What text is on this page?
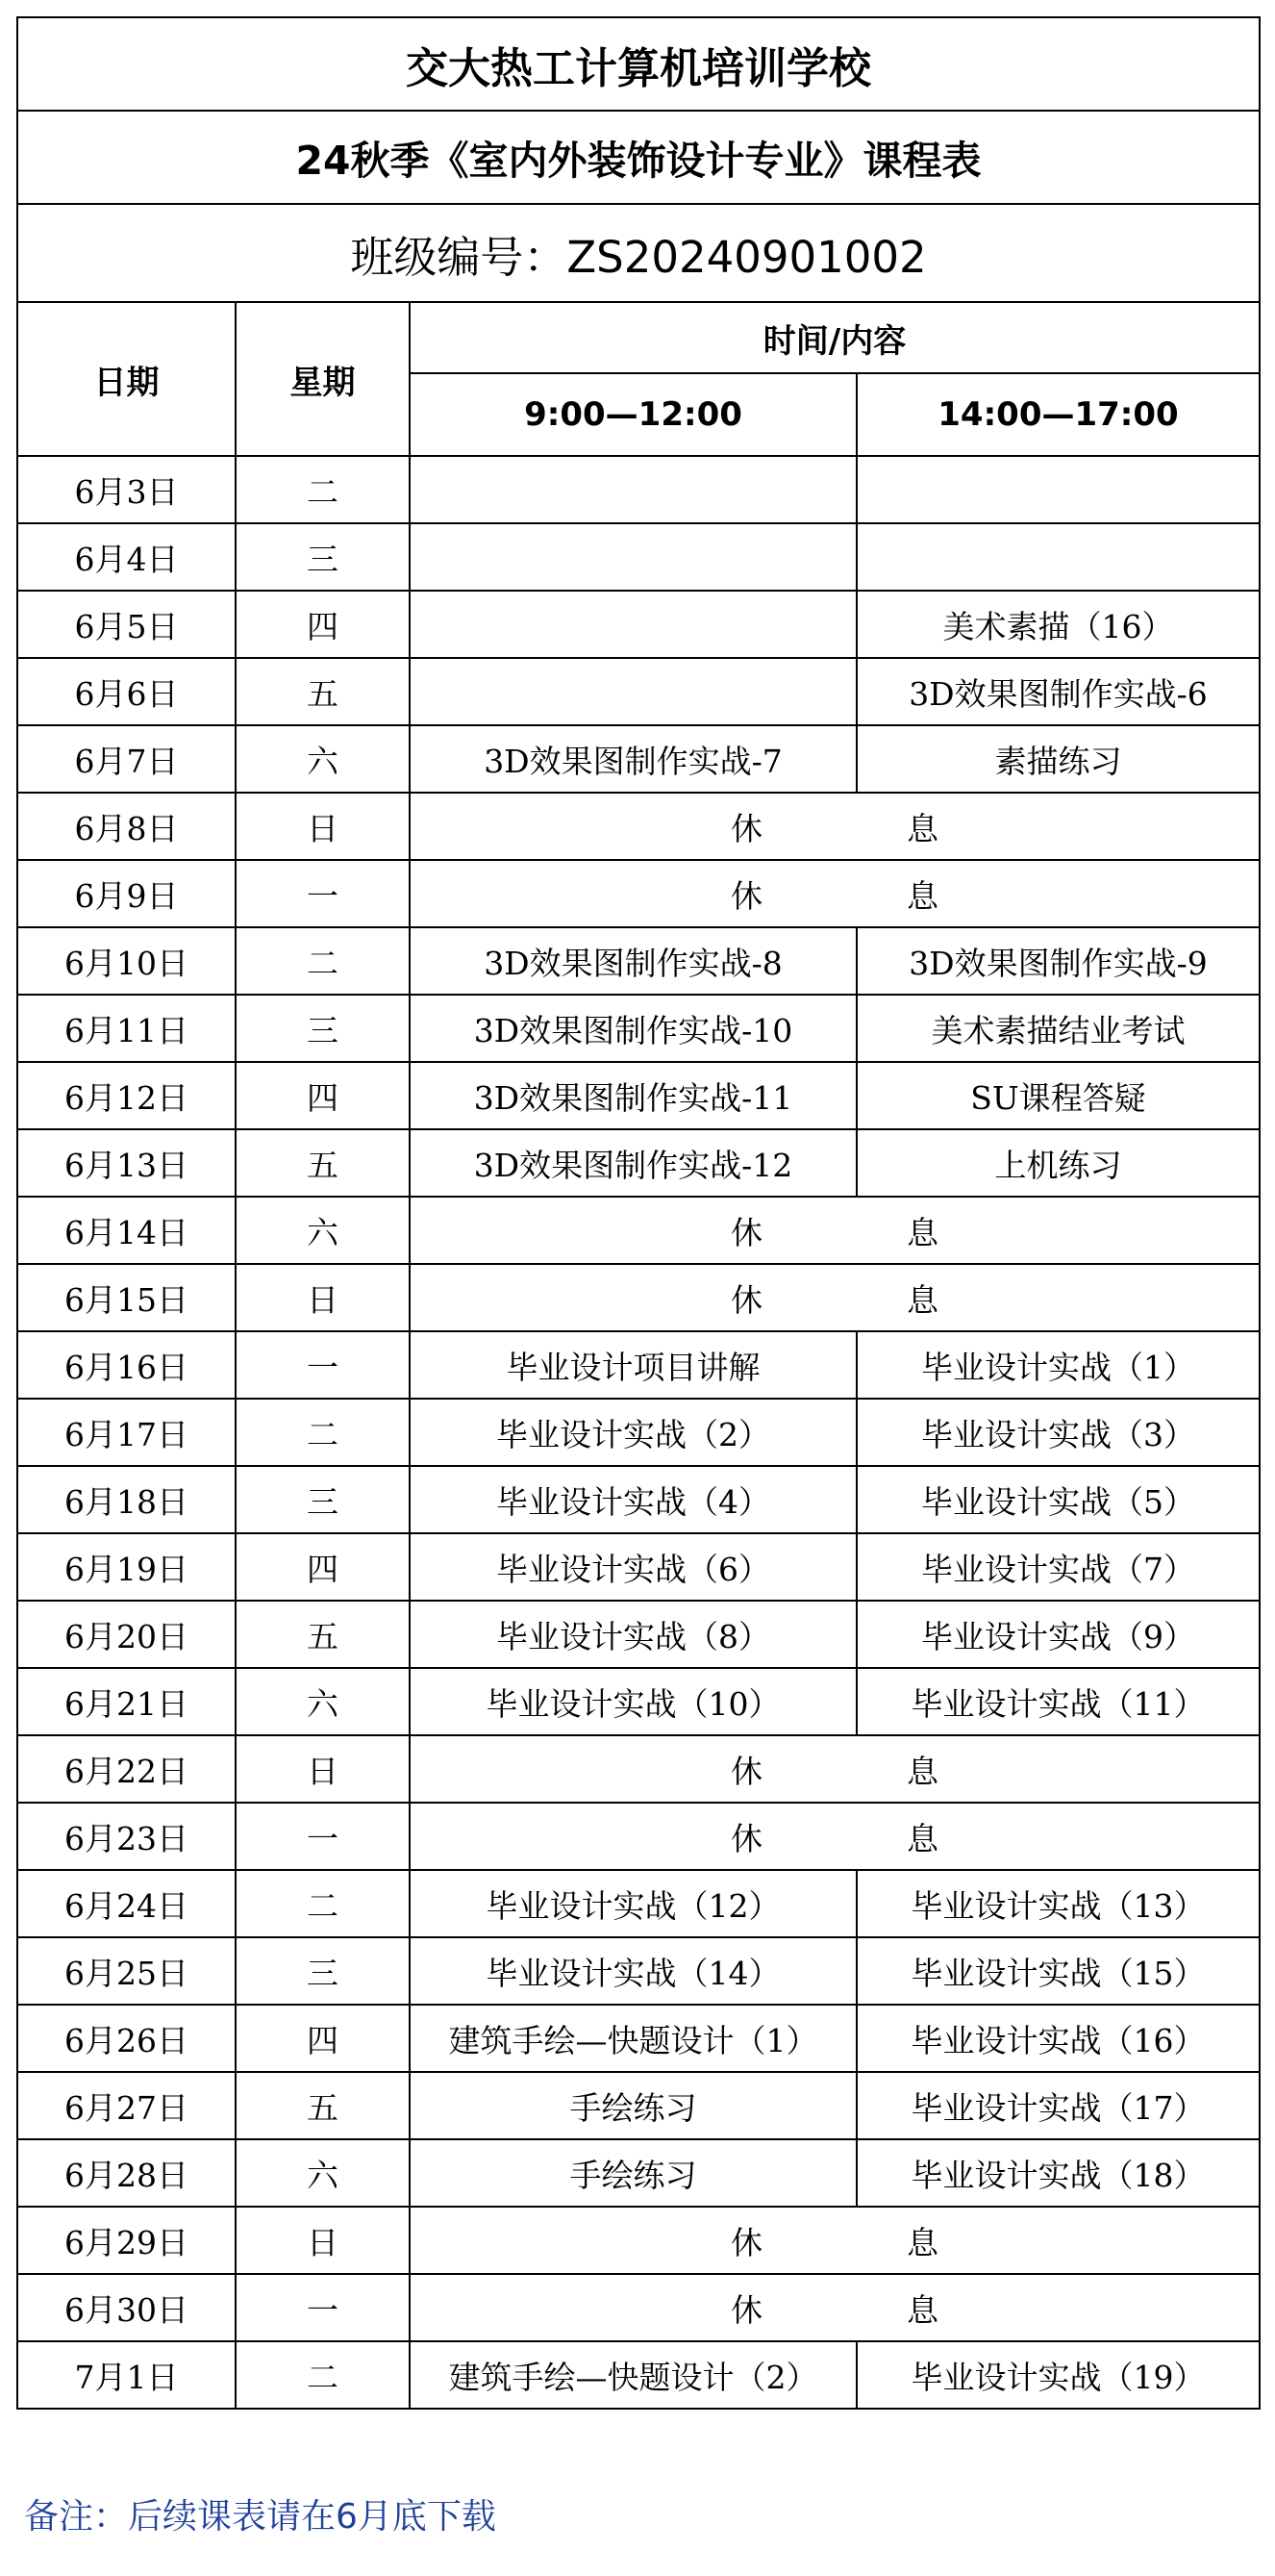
交大热工计算机培训学校			
24秋季《室内外装饰设计专业》课程表			
班级编号：ZS20240901002			
日期	星期	时间/内容	
		9:00—12:00	14:00—17:00
6月3日	二		
6月4日	三		
6月5日	四		美术素描（16）
6月6日	五		3D效果图制作实战-6
6月7日	六	3D效果图制作实战-7	素描练习
6月8日	日	休 息	
6月9日	一	休 息	
6月10日	二	3D效果图制作实战-8	3D效果图制作实战-9
6月11日	三	3D效果图制作实战-10	美术素描结业考试
6月12日	四	3D效果图制作实战-11	SU课程答疑
6月13日	五	3D效果图制作实战-12	上机练习
6月14日	六	休 息	
6月15日	日	休 息	
6月16日	一	毕业设计项目讲解	毕业设计实战（1）
6月17日	二	毕业设计实战（2）	毕业设计实战（3）
6月18日	三	毕业设计实战（4）	毕业设计实战（5）
6月19日	四	毕业设计实战（6）	毕业设计实战（7）
6月20日	五	毕业设计实战（8）	毕业设计实战（9）
6月21日	六	毕业设计实战（10）	毕业设计实战（11）
6月22日	日	休 息	
6月23日	一	休 息	
6月24日	二	毕业设计实战（12）	毕业设计实战（13）
6月25日	三	毕业设计实战（14）	毕业设计实战（15）
6月26日	四	建筑手绘—快题设计（1）	毕业设计实战（16）
6月27日	五	手绘练习	毕业设计实战（17）
6月28日	六	手绘练习	毕业设计实战（18）
6月29日	日	休 息	
6月30日	一	休 息	
7月1日	二	建筑手绘—快题设计（2）	毕业设计实战（19）
备注：后续课表请在6月底下载
